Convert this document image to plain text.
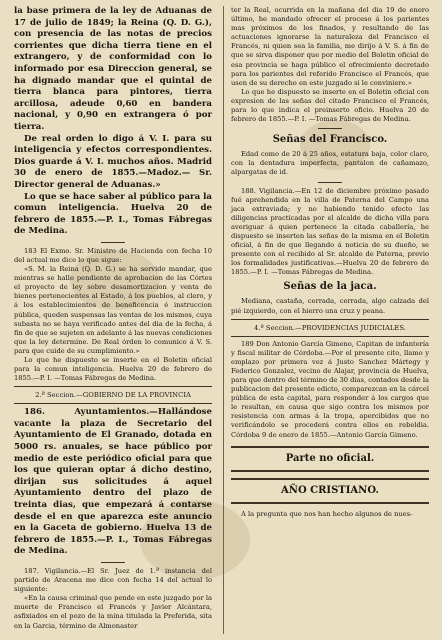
la base primera de la ley de Aduanas de 17 de julio de 1849; la Reina (Q. D. G.), con presencia de las notas de precios corrientes que dicha tierra tiene en el extrangero, y de conformidad con lo informado por esa Direccion general, se ha dignado mandar que el quintal de tierra blanca para pintores, tierra arcillosa, adeude 0,60 en bandera nacional, y 0,90 en extrangera ó por tierra.

De real orden lo digo á V. I. para su inteligencia y efectos correspondientes. Dios guarde á V. I. muchos años. Madrid 30 de enero de 1855.—Madoz.— Sr. Director general de Aduanas.»

Lo que se hace saber al público para la comun inteligencia. Huelva 20 de febrero de 1855.—P. I., Tomas Fábregas de Medina.

183 El Exmo. Sr. Ministro de Hacienda con fecha 10 del actual me dice lo que sigue:

«S. M. la Reina (Q. D. G.) se ha servido mandar, que mientras se halle pendiente de aprobacion de las Córtes el proyecto de ley sobre desamortizacion y venta de bienes pertenecientes al Estado, á los pueblos, al clero, y á los establecimientos de beneficencia é instruccion pública, queden suspensas las ventas de los mismos, cuya subasta no se haya verificado antes del dia de la fecha, á fin de que se sujeten en adelante á las nuevas condiciones que la ley determine. De Real órden lo comunico á V. S. para que cuide de su cumplimiento.»

Lo que he dispuesto se inserte en el Boletin oficial para la comun inteligencia. Huelva 20 de febrero de 1855.—P. I. —Tomas Fábregas de Medina.

2.ª Seccion.—GOBIERNO DE LA PROVINCIA

186. Ayuntamientos.—Hallándose vacante la plaza de Secretario del Ayuntamiento de El Granado, dotada en 5000 rs. anuales, se hace público por medio de este periódico oficial para que los que quieran optar á dicho destino, dirijan sus solicitudes á aquel Ayuntamiento dentro del plazo de treinta dias, que empezará á contarse desde el en que aparezca este anuncio en la Gaceta de gobierno. Huelva 13 de febrero de 1855.—P. I., Tomas Fábregas de Medina.

187. Vigilancia.—El Sr. Juez de 1.ª instancia del partido de Aracena me dice con fecha 14 del actual lo siguiente:

«En la causa criminal que pende en este juzgado por la muerte de Francisco el Francés y Javier Alcántara, asfixiados en el pozo de la mina titulada la Preferida, sita en la Garcia, término de Almonaster

ter la Real, ocurrida en la mañana del dia 19 de enero último, he mandado ofrecer el proceso á los parientes mas próximos de los finados, y resultando de las actuaciones ignorarse la naturaleza del Francisco el Francés, ni quien sea la familia, me dirijo á V. S. á fin de que se sirva disponer que por medio del Boletin oficial de esa provincia se haga público el ofrecimiento decretado para los parientes del referido Francisco el Francés, que usen de su derecho en este juzgado si le conviniere.»

Lo que he dispuesto se inserte en el Boletin oficial con expresion de las señas del citado Francisco el Francés, para lo que indica el preinserto oficio. Huelva 20 de febrero de 1855.—P. I. —Tomas Fábregas de Medina.

Señas del Francisco.

Edad como de 20 á 25 años, estatura baja, color claro, con la dentadura imperfecta, pantalon de cañamazo, alpargatas de id.

188. Vigilancia.—En 12 de diciembre próximo pasado fué aprehendida en la villa de Paterna del Campo una jaca extraviada; y no habiendo tenido efecto las diligencias practicadas por el alcalde de dicha villa para averiguar á quien pertenece la citada caballería, he dispuesto se inserten las señas de la misma en el Boletin oficial, á fin de que llegando á noticia de su dueño, se presente con el recibido al Sr. alcalde de Paterna, previo los formalidades justificativas.—Huelva 20 de febrero de 1855.—P. I. —Tomas Fábregas de Medina.

Señas de la jaca.

Mediana, castaña, cerrada, cerrada, algo calzada del pié izquierdo, con el hierro una cruz y peana.

4.ª Seccion.—PROVIDENCIAS JUDICIALES.

189 Don Antonio García Gimeno, Capitan de infantería y fiscal militar de Córdoba.—Por el presente cito, llamo y emplazo por primera vez á Justo Sanchez Mártegy y Federico Gonzalez, vecino de Alajar, provincia de Huelva, para que dentro del término de 30 dias, contados desde la publicacion del presente edicto, comparezcan en la cárcel pública de esta capital, para responder á los cargos que le resultan, en causa que sigo contra los mismos por resistencia con armas á la tropa, apercibidos que no verificándolo se procederá contra ellos en rebeldia. Córdoba 9 de enero de 1855.—Antonio García Gimeno.

Parte no oficial.
AÑO CRISTIANO.

A la pregunta que nos han hecho algunos de nues-
